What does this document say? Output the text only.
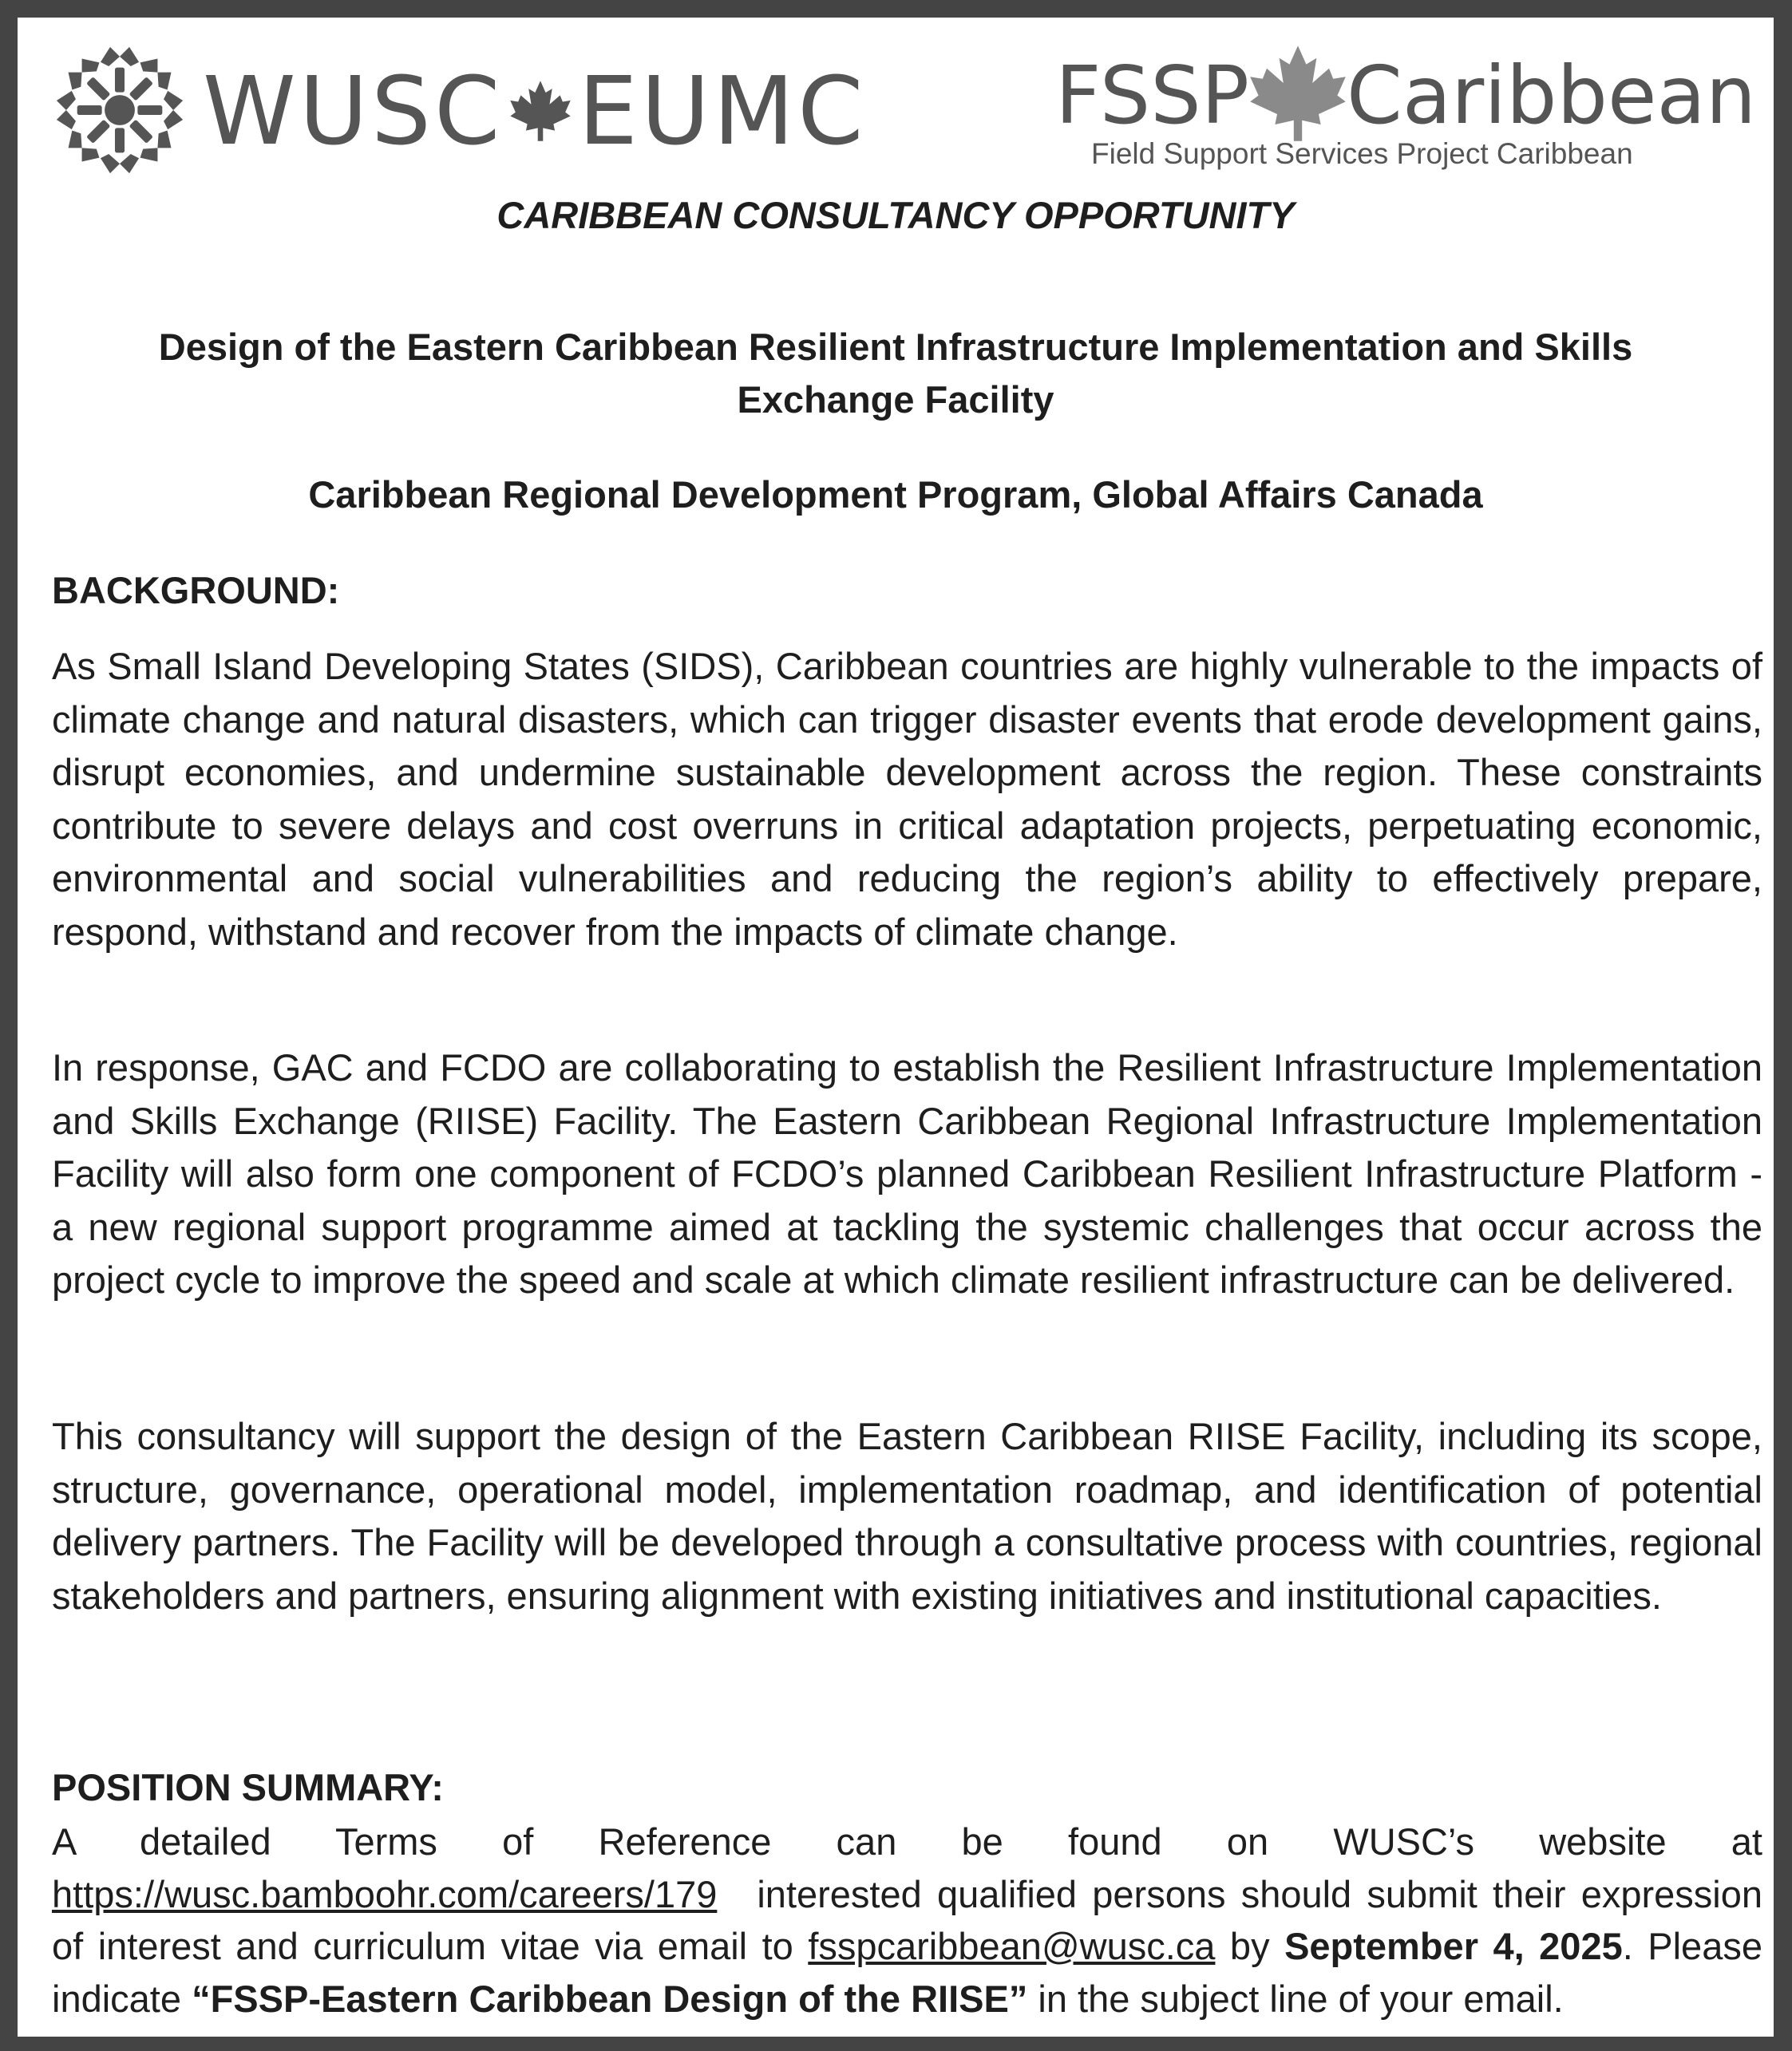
WUSC EUMC FSSP Caribbean
Field Support Services Project Caribbean

CARIBBEAN CONSULTANCY OPPORTUNITY

Design of the Eastern Caribbean Resilient Infrastructure Implementation and Skills
Exchange Facility

Caribbean Regional Development Program, Global Affairs Canada

BACKGROUND:

As Small Island Developing States (SIDS), Caribbean countries are highly vulnerable to the impacts of climate change and natural disasters, which can trigger disaster events that erode development gains, disrupt economies, and undermine sustainable development across the region. These constraints contribute to severe delays and cost overruns in critical adaptation projects, perpetuating economic, environmental and social vulnerabilities and reducing the region’s ability to effectively prepare, respond, withstand and recover from the impacts of climate change.

In response, GAC and FCDO are collaborating to establish the Resilient Infrastructure Implementation and Skills Exchange (RIISE) Facility. The Eastern Caribbean Regional Infrastructure Implementation Facility will also form one component of FCDO’s planned Caribbean Resilient Infrastructure Platform - a new regional support programme aimed at tackling the systemic challenges that occur across the project cycle to improve the speed and scale at which climate resilient infrastructure can be delivered.

This consultancy will support the design of the Eastern Caribbean RIISE Facility, including its scope, structure, governance, operational model, implementation roadmap, and identification of potential delivery partners. The Facility will be developed through a consultative process with countries, regional stakeholders and partners, ensuring alignment with existing initiatives and institutional capacities.

POSITION SUMMARY:

A detailed Terms of Reference can be found on WUSC’s website at https://wusc.bamboohr.com/careers/179 interested qualified persons should submit their expression of interest and curriculum vitae via email to fsspcaribbean@wusc.ca by September 4, 2025. Please indicate “FSSP-Eastern Caribbean Design of the RIISE” in the subject line of your email.
